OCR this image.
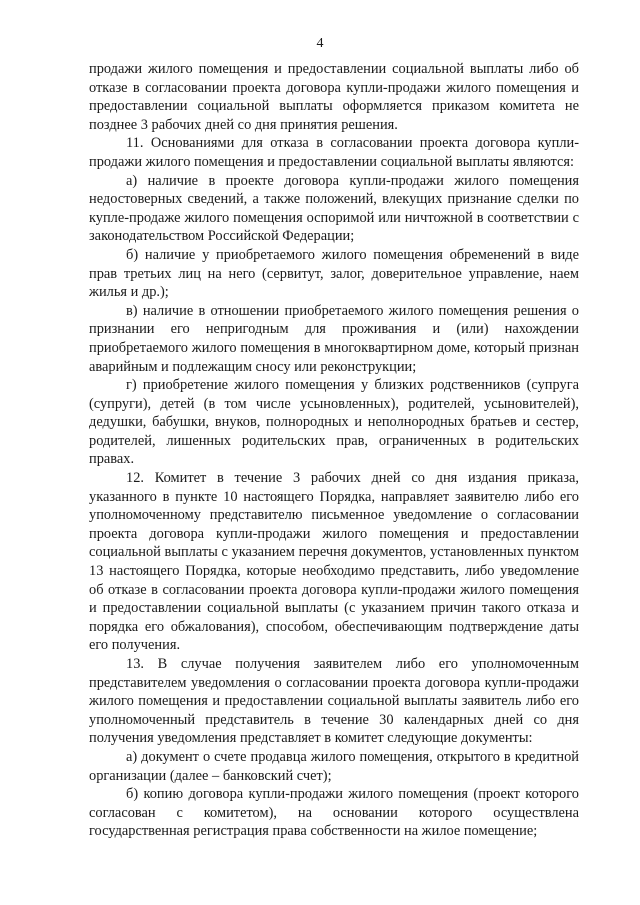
4

продажи жилого помещения и предоставлении социальной выплаты либо об отказе в согласовании проекта договора купли-продажи жилого помещения и предоставлении социальной выплаты оформляется приказом комитета не позднее 3 рабочих дней со дня принятия решения.

11. Основаниями для отказа в согласовании проекта договора купли-продажи жилого помещения и предоставлении социальной выплаты являются:

а) наличие в проекте договора купли-продажи жилого помещения недостоверных сведений, а также положений, влекущих признание сделки по купле-продаже жилого помещения оспоримой или ничтожной в соответствии с законодательством Российской Федерации;

б) наличие у приобретаемого жилого помещения обременений в виде прав третьих лиц на него (сервитут, залог, доверительное управление, наем жилья и др.);

в) наличие в отношении приобретаемого жилого помещения решения о признании его непригодным для проживания и (или) нахождении приобретаемого жилого помещения в многоквартирном доме, который признан аварийным и подлежащим сносу или реконструкции;

г) приобретение жилого помещения у близких родственников (супруга (супруги), детей (в том числе усыновленных), родителей, усыновителей), дедушки, бабушки, внуков, полнородных и неполнородных братьев и сестер, родителей, лишенных родительских прав, ограниченных в родительских правах.

12. Комитет в течение 3 рабочих дней со дня издания приказа, указанного в пункте 10 настоящего Порядка, направляет заявителю либо его уполномоченному представителю письменное уведомление о согласовании проекта договора купли-продажи жилого помещения и предоставлении социальной выплаты с указанием перечня документов, установленных пунктом 13 настоящего Порядка, которые необходимо представить, либо уведомление об отказе в согласовании проекта договора купли-продажи жилого помещения и предоставлении социальной выплаты (с указанием причин такого отказа и порядка его обжалования), способом, обеспечивающим подтверждение даты его получения.

13. В случае получения заявителем либо его уполномоченным представителем уведомления о согласовании проекта договора купли-продажи жилого помещения и предоставлении социальной выплаты заявитель либо его уполномоченный представитель в течение 30 календарных дней со дня получения уведомления представляет в комитет следующие документы:

а) документ о счете продавца жилого помещения, открытого в кредитной организации (далее – банковский счет);

б) копию договора купли-продажи жилого помещения (проект которого согласован с комитетом), на основании которого осуществлена государственная регистрация права собственности на жилое помещение;
